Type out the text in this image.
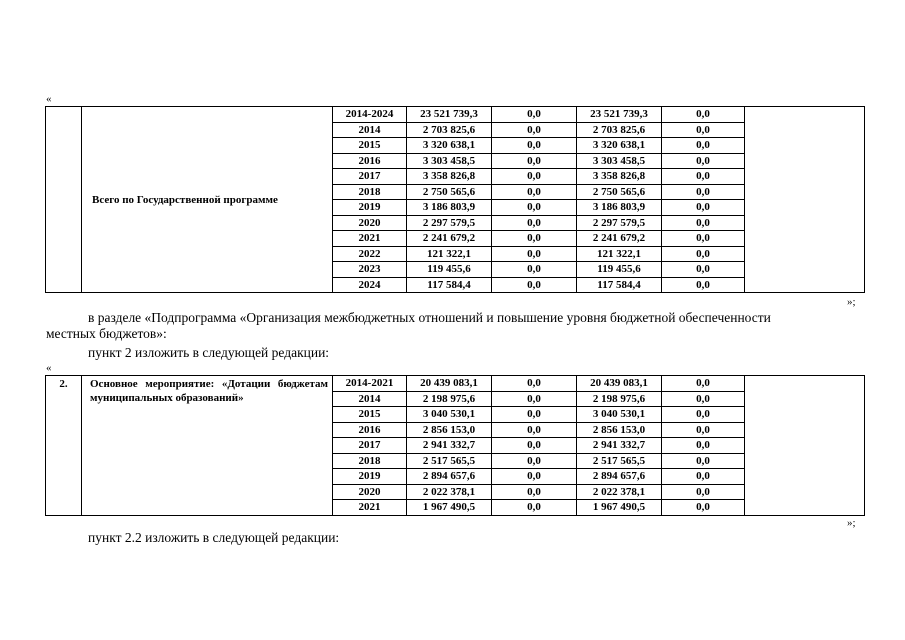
«
	Всего по Государственной программе	2014-2024	23 521 739,3	0,0	23 521 739,3	0,0	
		2014	2 703 825,6	0,0	2 703 825,6	0,0	
		2015	3 320 638,1	0,0	3 320 638,1	0,0	
		2016	3 303 458,5	0,0	3 303 458,5	0,0	
		2017	3 358 826,8	0,0	3 358 826,8	0,0	
		2018	2 750 565,6	0,0	2 750 565,6	0,0	
		2019	3 186 803,9	0,0	3 186 803,9	0,0	
		2020	2 297 579,5	0,0	2 297 579,5	0,0	
		2021	2 241 679,2	0,0	2 241 679,2	0,0	
		2022	121 322,1	0,0	121 322,1	0,0	
		2023	119 455,6	0,0	119 455,6	0,0	
		2024	117 584,4	0,0	117 584,4	0,0	
»;
в разделе «Подпрограмма «Организация межбюджетных отношений и повышение уровня бюджетной обеспеченности
местных бюджетов»:
пункт 2 изложить в следующей редакции:
«
2.	Основное мероприятие: «Дотации бюджетам муниципальных образований»	2014-2021	20 439 083,1	0,0	20 439 083,1	0,0	
		2014	2 198 975,6	0,0	2 198 975,6	0,0	
		2015	3 040 530,1	0,0	3 040 530,1	0,0	
		2016	2 856 153,0	0,0	2 856 153,0	0,0	
		2017	2 941 332,7	0,0	2 941 332,7	0,0	
		2018	2 517 565,5	0,0	2 517 565,5	0,0	
		2019	2 894 657,6	0,0	2 894 657,6	0,0	
		2020	2 022 378,1	0,0	2 022 378,1	0,0	
		2021	1 967 490,5	0,0	1 967 490,5	0,0	
»;
пункт 2.2 изложить в следующей редакции:
